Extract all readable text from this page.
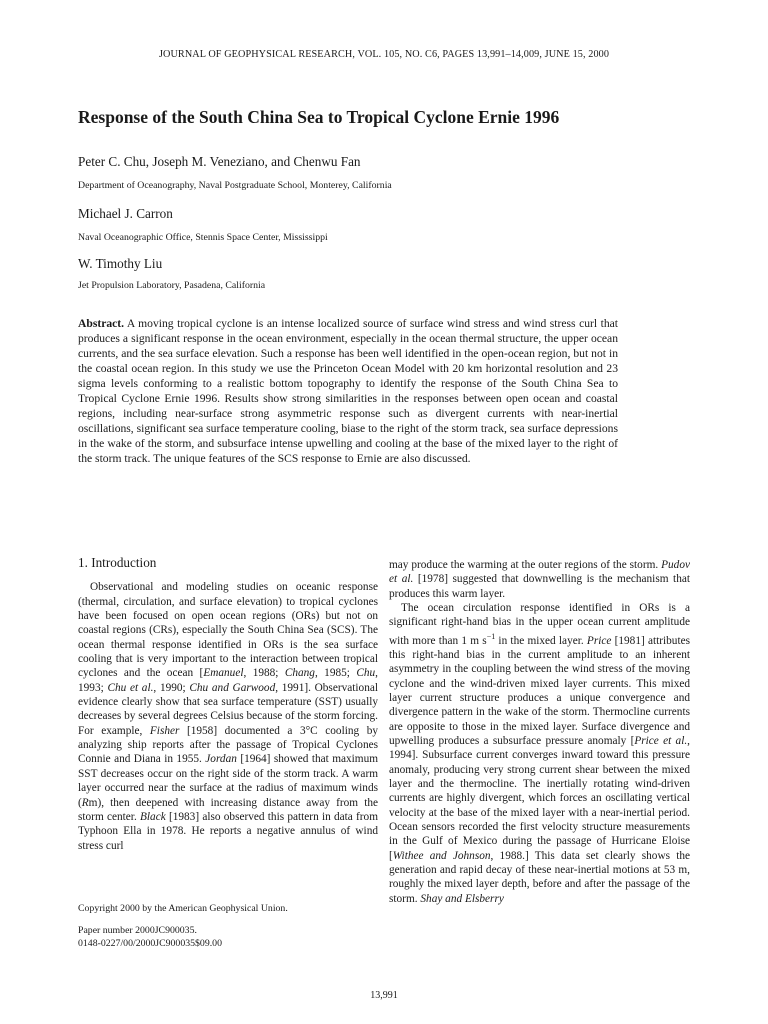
JOURNAL OF GEOPHYSICAL RESEARCH, VOL. 105, NO. C6, PAGES 13,991–14,009, JUNE 15, 2000
Response of the South China Sea to Tropical Cyclone Ernie 1996
Peter C. Chu, Joseph M. Veneziano, and Chenwu Fan
Department of Oceanography, Naval Postgraduate School, Monterey, California
Michael J. Carron
Naval Oceanographic Office, Stennis Space Center, Mississippi
W. Timothy Liu
Jet Propulsion Laboratory, Pasadena, California
Abstract. A moving tropical cyclone is an intense localized source of surface wind stress and wind stress curl that produces a significant response in the ocean environment, especially in the ocean thermal structure, the upper ocean currents, and the sea surface elevation. Such a response has been well identified in the open-ocean region, but not in the coastal ocean region. In this study we use the Princeton Ocean Model with 20 km horizontal resolution and 23 sigma levels conforming to a realistic bottom topography to identify the response of the South China Sea to Tropical Cyclone Ernie 1996. Results show strong similarities in the responses between open ocean and coastal regions, including near-surface strong asymmetric response such as divergent currents with near-inertial oscillations, significant sea surface temperature cooling, biase to the right of the storm track, sea surface depressions in the wake of the storm, and subsurface intense upwelling and cooling at the base of the mixed layer to the right of the storm track. The unique features of the SCS response to Ernie are also discussed.
1. Introduction

Observational and modeling studies on oceanic response (thermal, circulation, and surface elevation) to tropical cyclones have been focused on open ocean regions (ORs) but not on coastal regions (CRs), especially the South China Sea (SCS). The ocean thermal response identified in ORs is the sea surface cooling that is very important to the interaction between tropical cyclones and the ocean [Emanuel, 1988; Chang, 1985; Chu, 1993; Chu et al., 1990; Chu and Garwood, 1991]. Observational evidence clearly show that sea surface temperature (SST) usually decreases by several degrees Celsius because of the storm forcing. For example, Fisher [1958] documented a 3°C cooling by analyzing ship reports after the passage of Tropical Cyclones Connie and Diana in 1955. Jordan [1964] showed that maximum SST decreases occur on the right side of the storm track. A warm layer occurred near the surface at the radius of maximum winds (Rm), then deepened with increasing distance away from the storm center. Black [1983] also observed this pattern in data from Typhoon Ella in 1978. He reports a negative annulus of wind stress curl

Copyright 2000 by the American Geophysical Union.
Paper number 2000JC900035.
0148-0227/00/2000JC900035$09.00

may produce the warming at the outer regions of the storm. Pudov et al. [1978] suggested that downwelling is the mechanism that produces this warm layer.

The ocean circulation response identified in ORs is a significant right-hand bias in the upper ocean current amplitude with more than 1 m $s^{-1}$ in the mixed layer. Price [1981] attributes this right-hand bias in the current amplitude to an inherent asymmetry in the coupling between the wind stress of the moving cyclone and the wind-driven mixed layer currents. This mixed layer current structure produces a unique convergence and divergence pattern in the wake of the storm. Thermocline currents are opposite to those in the mixed layer. Surface divergence and upwelling produces a subsurface pressure anomaly [Price et al., 1994]. Subsurface current converges inward toward this pressure anomaly, producing very strong current shear between the mixed layer and the thermocline. The inertially rotating wind-driven currents are highly divergent, which forces an oscillating vertical velocity at the base of the mixed layer with a near-inertial period. Ocean sensors recorded the first velocity structure measurements in the Gulf of Mexico during the passage of Hurricane Eloise [Withee and Johnson, 1988.] This data set clearly shows the generation and rapid decay of these near-inertial motions at 53 m, roughly the mixed layer depth, before and after the passage of the storm. Shay and Elsberry

13,991
